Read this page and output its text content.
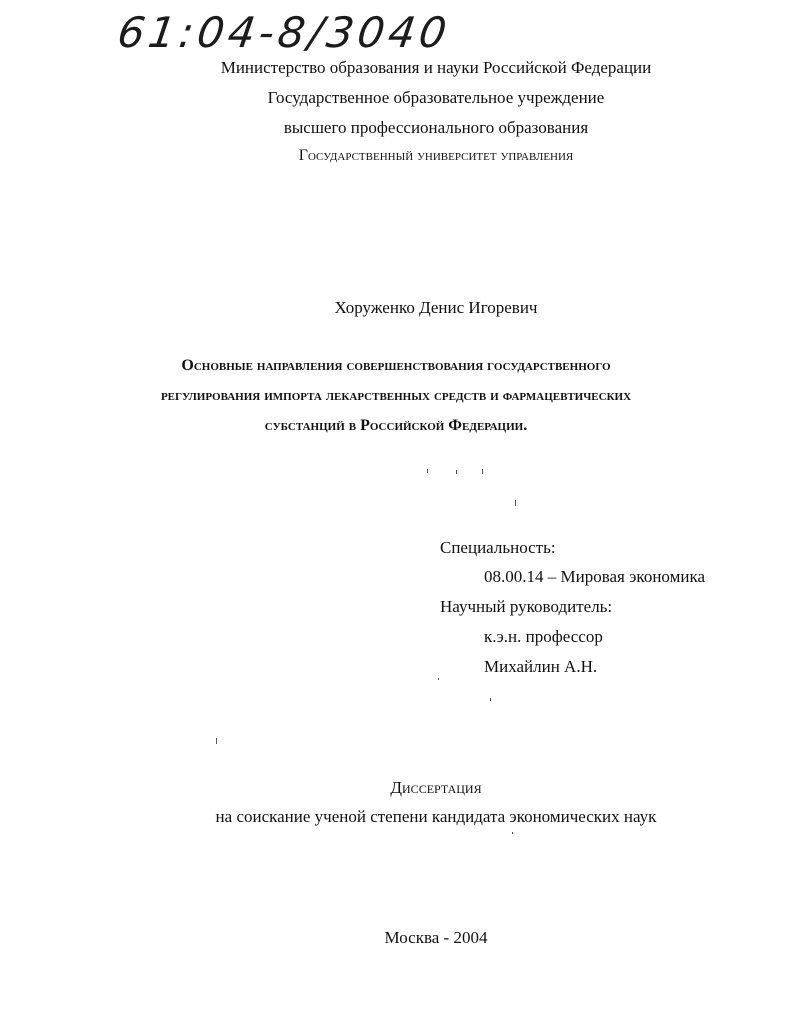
61:04-8/3040
Министерство образования и науки Российской Федерации
Государственное образовательное учреждение
высшего профессионального образования
Государственный университет управления
Хоруженко Денис Игоревич
Основные направления совершенствования государственного
регулирования импорта лекарственных средств и фармацевтических
субстанций в Российской Федерации.
Специальность:
08.00.14 – Мировая экономика
Научный руководитель:
к.э.н. профессор
Михайлин А.Н.
Диссертация
на соискание ученой степени кандидата экономических наук
Москва - 2004
